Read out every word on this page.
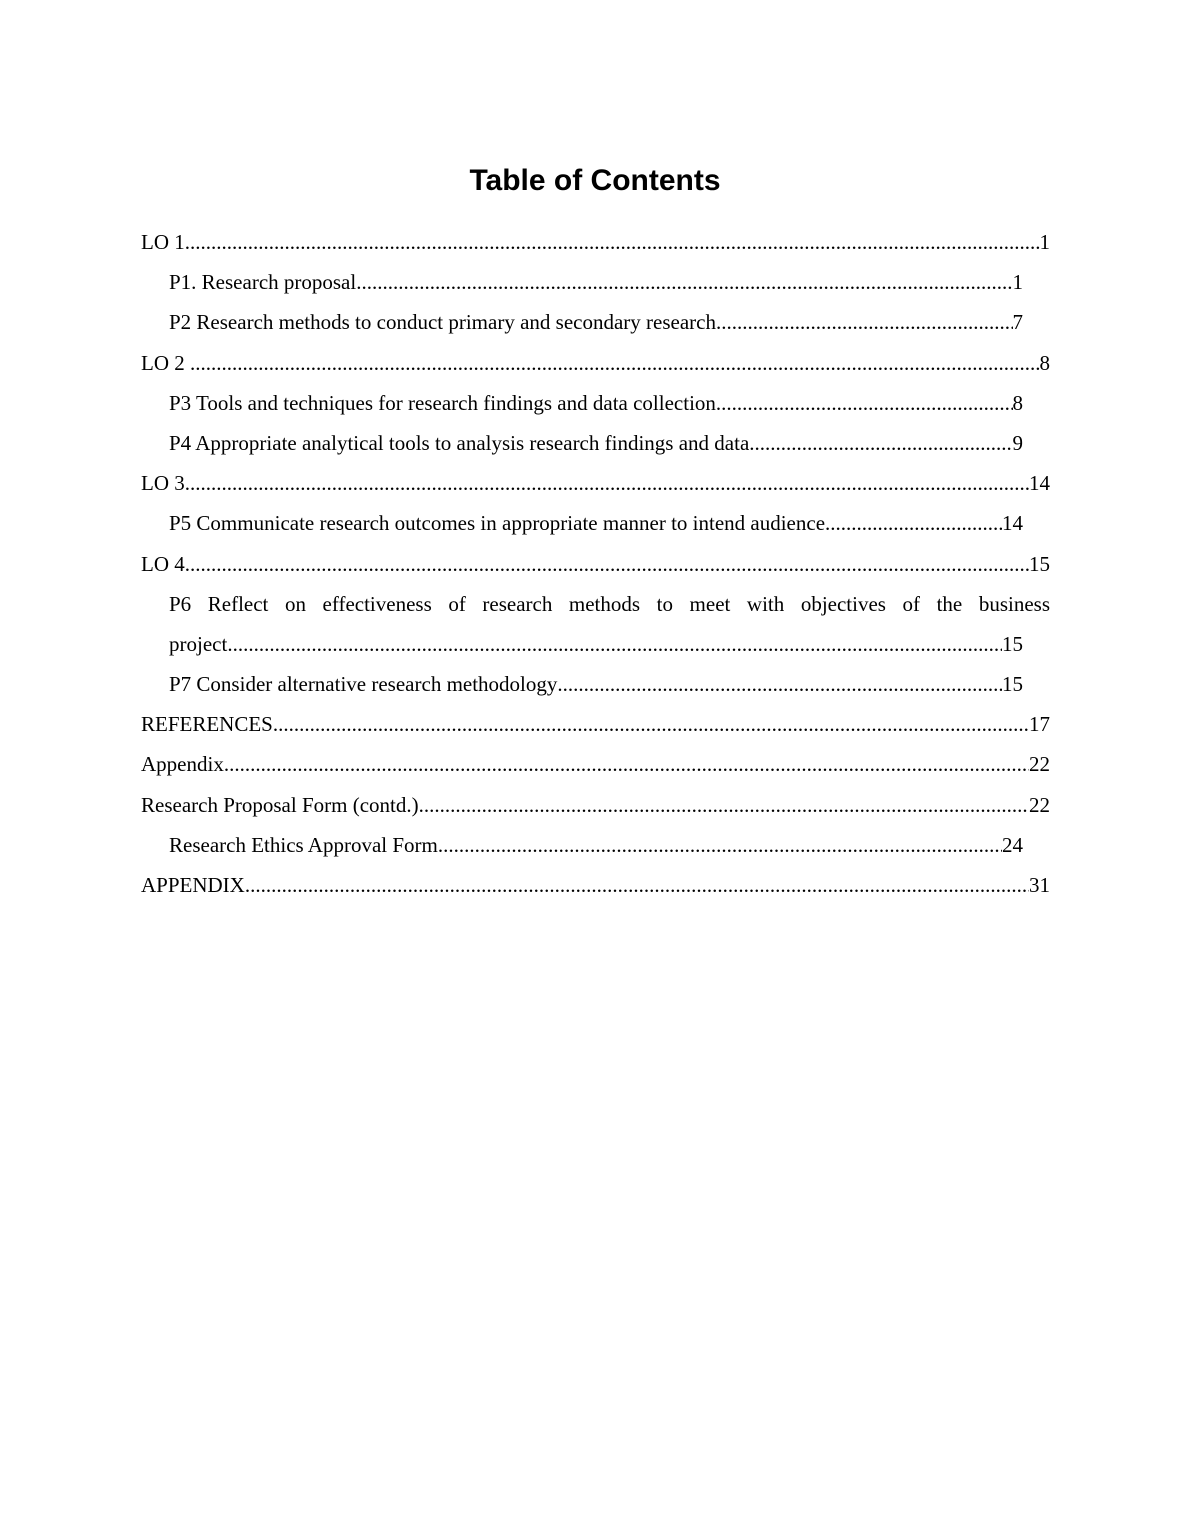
Table of Contents
LO 1 .....	1
P1. Research proposal .....	1
P2 Research methods to conduct primary and secondary research .....	7
LO 2 .....	8
P3 Tools and techniques for research findings and data collection .....	8
P4 Appropriate analytical tools to analysis research findings and data .....	9
LO 3 .....	14
P5 Communicate research outcomes in appropriate manner to intend audience .....	14
LO 4 .....	15
P6 Reflect on effectiveness of research methods to meet with objectives of the business
project .....	15
P7 Consider alternative research methodology .....	15
REFERENCES .....	17
Appendix .....	22
Research Proposal Form (contd.) .....	22
Research Ethics Approval Form .....	24
APPENDIX .....	31
